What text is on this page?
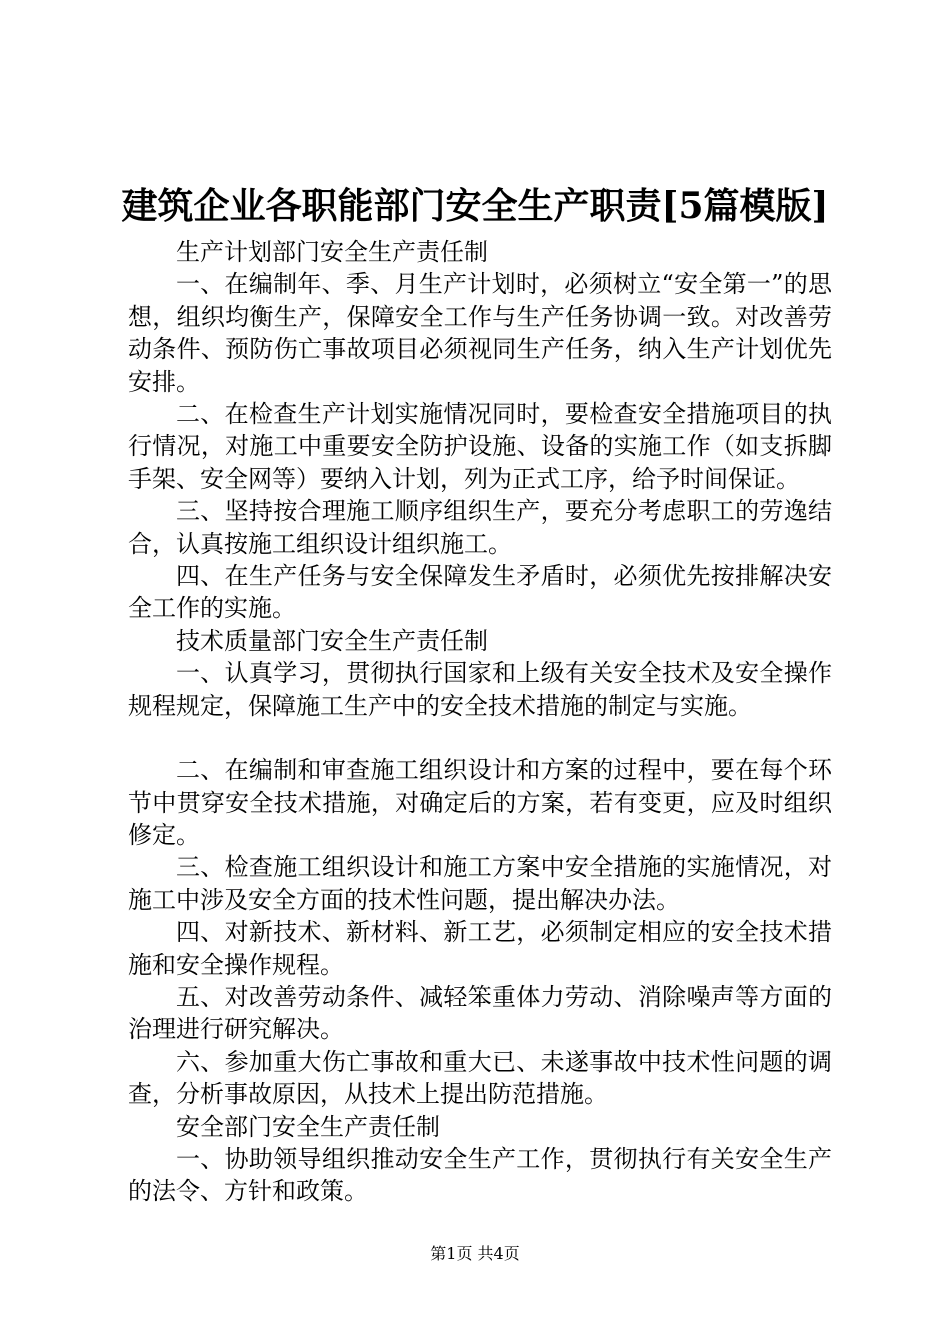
建筑企业各职能部门安全生产职责[5篇模版]

生产计划部门安全生产责任制

一、在编制年、季、月生产计划时，必须树立“安全第一”的思想，组织均衡生产，保障安全工作与生产任务协调一致。对改善劳动条件、预防伤亡事故项目必须视同生产任务，纳入生产计划优先安排。

二、在检查生产计划实施情况同时，要检查安全措施项目的执行情况，对施工中重要安全防护设施、设备的实施工作（如支拆脚手架、安全网等）要纳入计划，列为正式工序，给予时间保证。

三、坚持按合理施工顺序组织生产，要充分考虑职工的劳逸结合，认真按施工组织设计组织施工。

四、在生产任务与安全保障发生矛盾时，必须优先按排解决安全工作的实施。

技术质量部门安全生产责任制

一、认真学习，贯彻执行国家和上级有关安全技术及安全操作规程规定，保障施工生产中的安全技术措施的制定与实施。

二、在编制和审查施工组织设计和方案的过程中，要在每个环节中贯穿安全技术措施，对确定后的方案，若有变更，应及时组织修定。

三、检查施工组织设计和施工方案中安全措施的实施情况，对施工中涉及安全方面的技术性问题，提出解决办法。

四、对新技术、新材料、新工艺，必须制定相应的安全技术措施和安全操作规程。

五、对改善劳动条件、减轻笨重体力劳动、消除噪声等方面的治理进行研究解决。

六、参加重大伤亡事故和重大已、未遂事故中技术性问题的调查，分析事故原因，从技术上提出防范措施。

安全部门安全生产责任制

一、协助领导组织推动安全生产工作，贯彻执行有关安全生产的法令、方针和政策。

第1页 共4页
